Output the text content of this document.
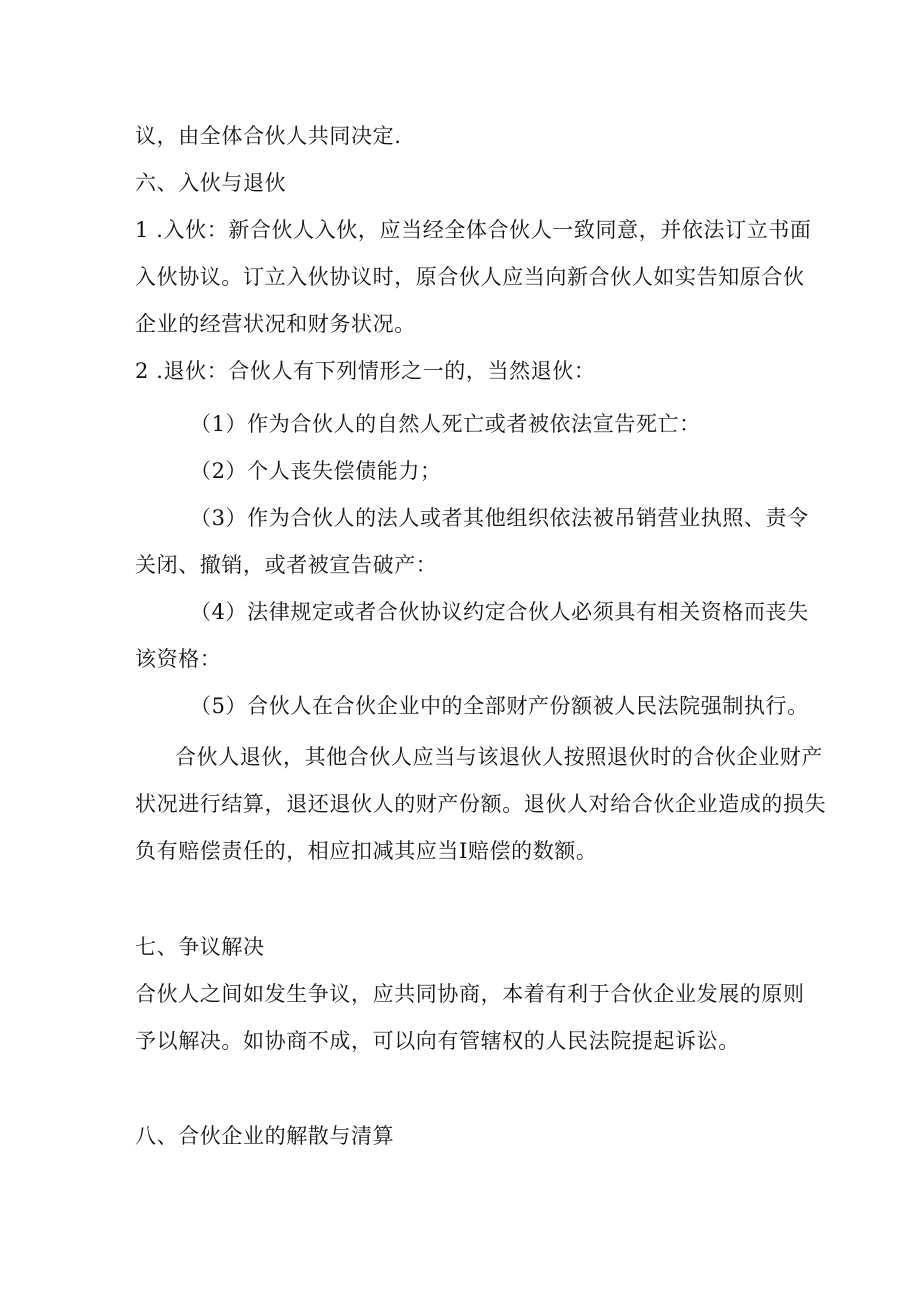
议，由全体合伙人共同决定.
六、入伙与退伙
1 .入伙：新合伙人入伙，应当经全体合伙人一致同意，并依法订立书面
入伙协议。订立入伙协议时，原合伙人应当向新合伙人如实告知原合伙
企业的经营状况和财务状况。
2 .退伙：合伙人有下列情形之一的，当然退伙：
（1）作为合伙人的自然人死亡或者被依法宣告死亡：
（2）个人丧失偿债能力；
（3）作为合伙人的法人或者其他组织依法被吊销营业执照、责令
关闭、撤销，或者被宣告破产：
（4）法律规定或者合伙协议约定合伙人必须具有相关资格而丧失
该资格：
（5）合伙人在合伙企业中的全部财产份额被人民法院强制执行。
合伙人退伙，其他合伙人应当与该退伙人按照退伙时的合伙企业财产
状况进行结算，退还退伙人的财产份额。退伙人对给合伙企业造成的损失
负有赔偿责任的，相应扣减其应当I赔偿的数额。
七、争议解决
合伙人之间如发生争议，应共同协商，本着有利于合伙企业发展的原则
予以解决。如协商不成，可以向有管辖权的人民法院提起诉讼。
八、合伙企业的解散与清算
